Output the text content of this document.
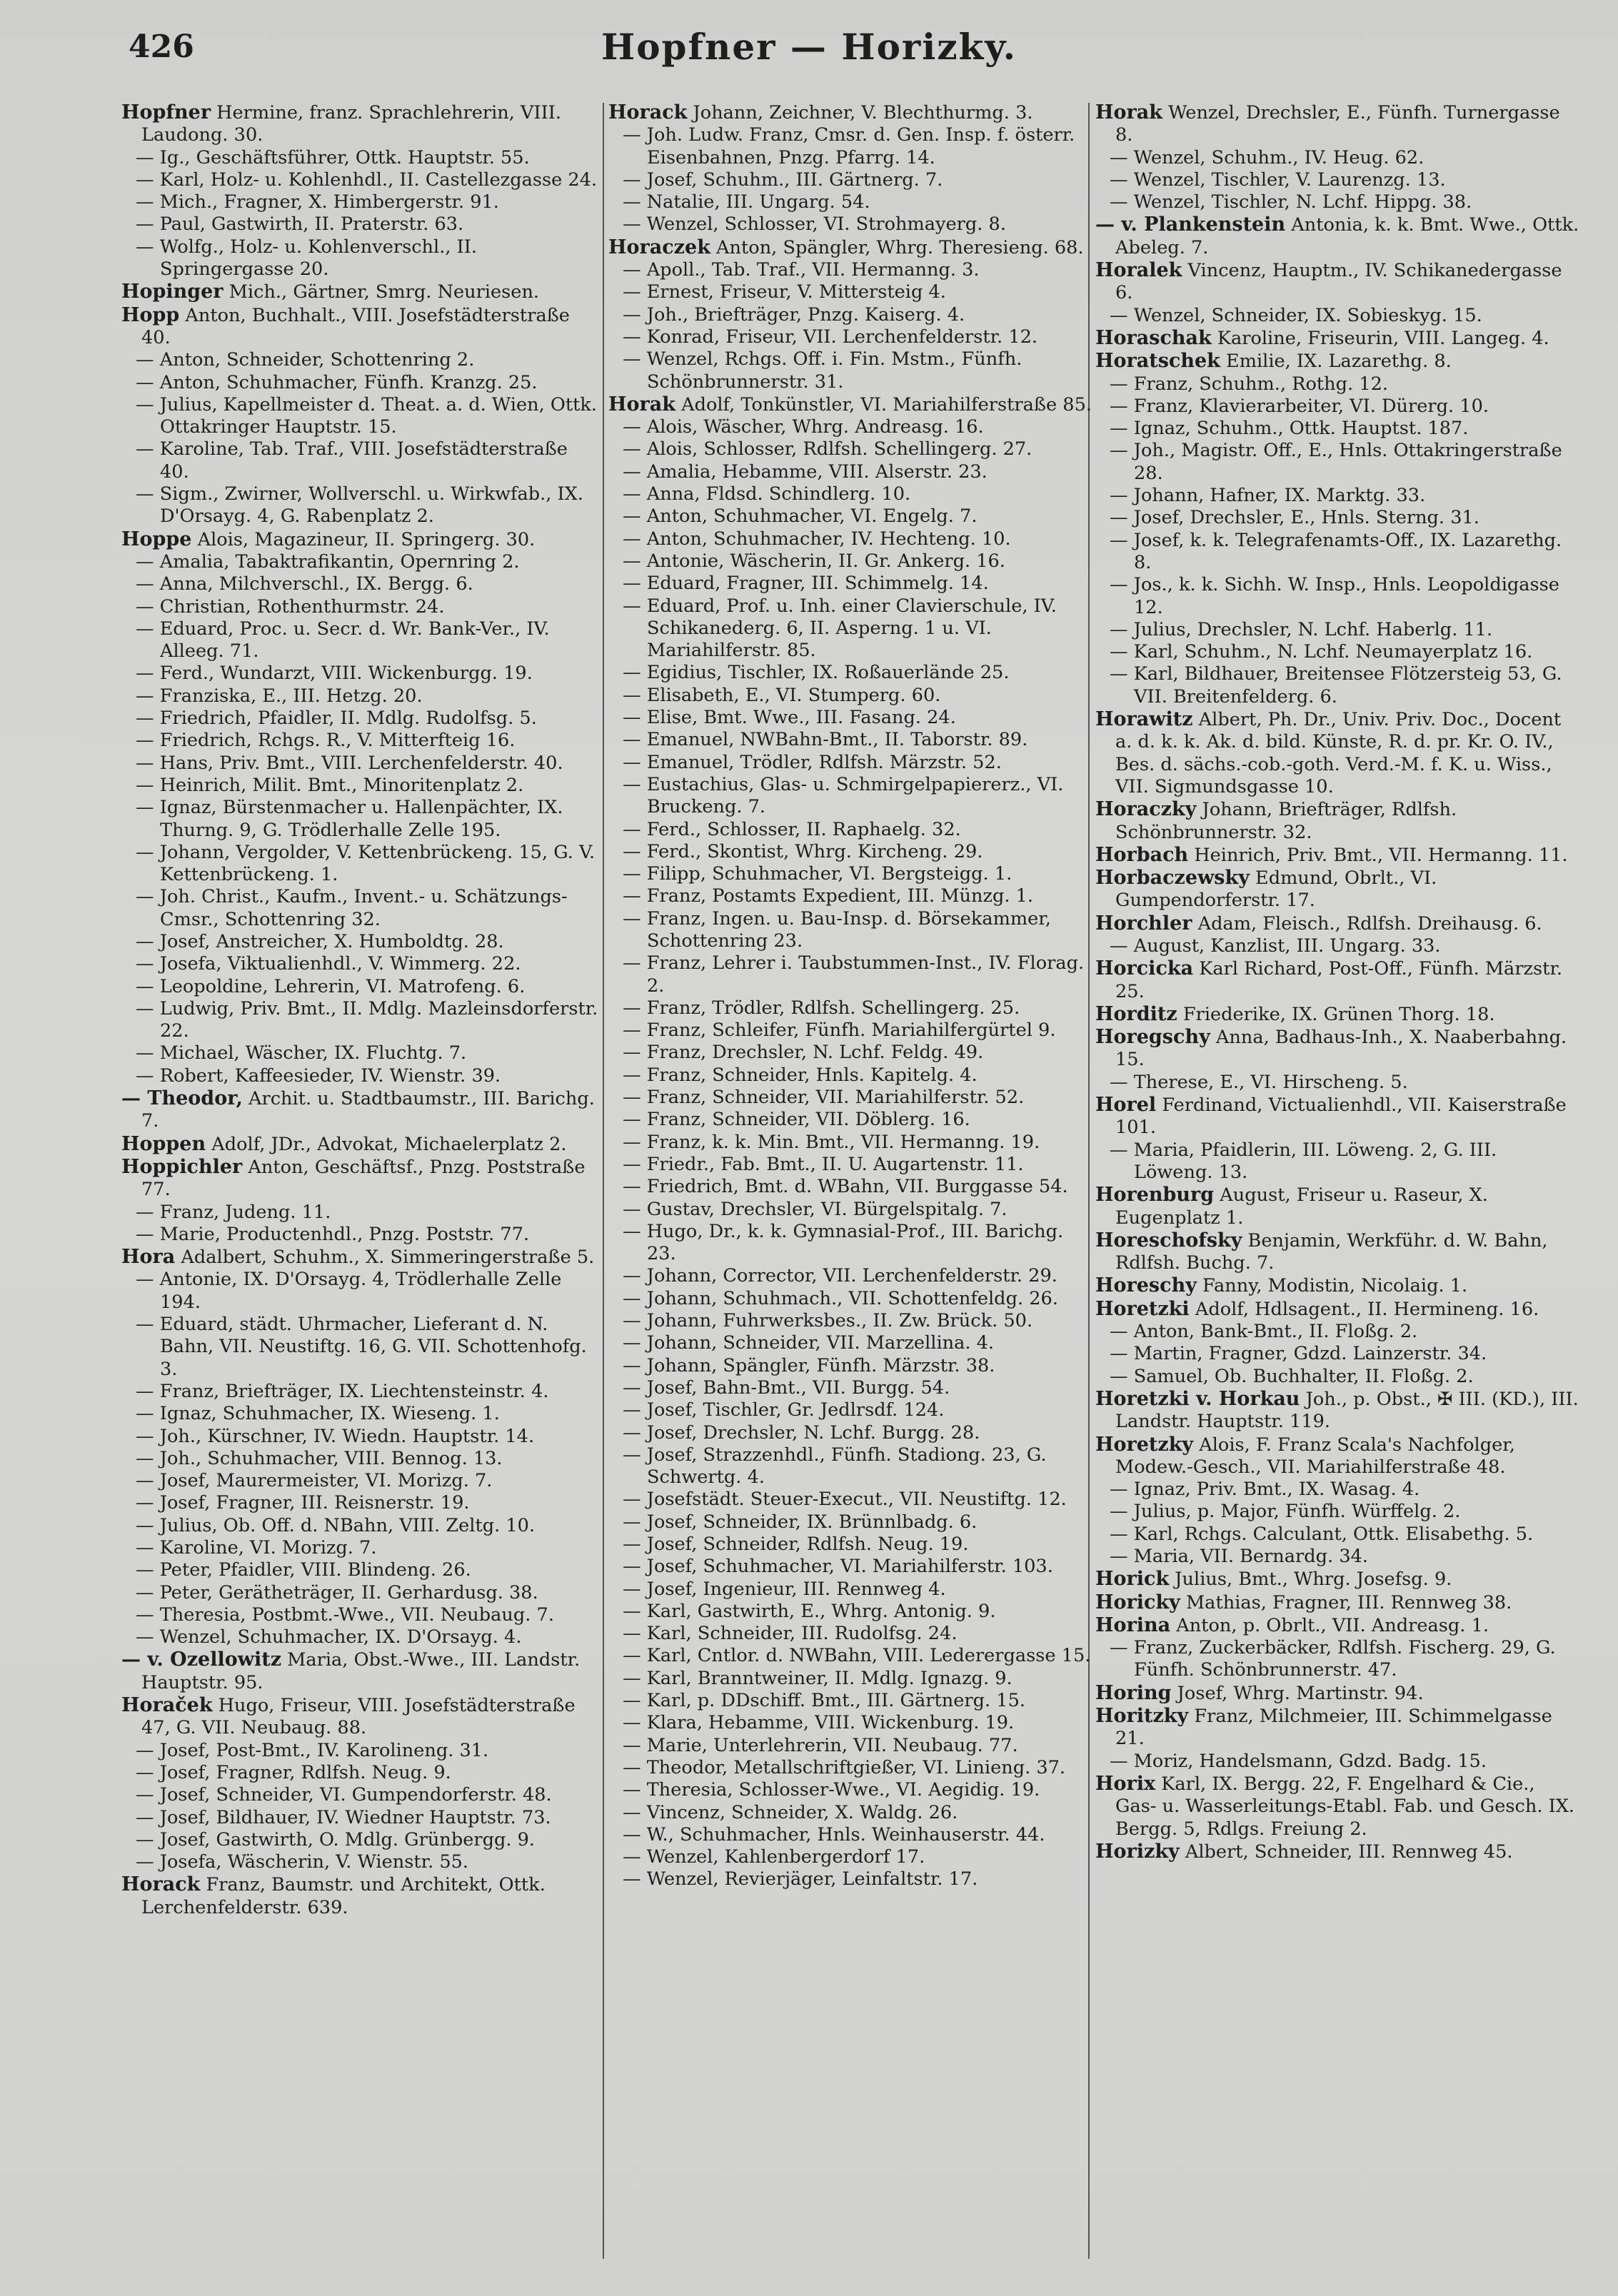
426	Hopfner — Horizky.
Hopfner Hermine, franz. Sprachlehrerin, VIII. Laudong. 30.
— Ig., Geschäftsführer, Ottk. Hauptstr. 55.
— Karl, Holz- u. Kohlenhdl., II. Castellezgasse 24.
— Mich., Fragner, X. Himbergerstr. 91.
— Paul, Gastwirth, II. Praterstr. 63.
— Wolfg., Holz- u. Kohlenverschl., II. Springergasse 20.
Hopinger Mich., Gärtner, Smrg. Neuriesen.
Hopp Anton, Buchhalt., VIII. Josefstädterstraße 40.
— Anton, Schneider, Schottenring 2.
— Anton, Schuhmacher, Fünfh. Kranzg. 25.
— Julius, Kapellmeister d. Theat. a. d. Wien, Ottk. Ottakringer Hauptstr. 15.
— Karoline, Tab. Traf., VIII. Josefstädterstraße 40.
— Sigm., Zwirner, Wollverschl. u. Wirkwfab., IX. D'Orsayg. 4, G. Rabenplatz 2.
Hoppe Alois, Magazineur, II. Springerg. 30.
— Amalia, Tabaktrafikantin, Opernring 2.
— Anna, Milchverschl., IX. Bergg. 6.
— Christian, Rothenthurmstr. 24.
— Eduard, Proc. u. Secr. d. Wr. Bank-Ver., IV. Alleeg. 71.
— Ferd., Wundarzt, VIII. Wickenburgg. 19.
— Franziska, E., III. Hetzg. 20.
— Friedrich, Pfaidler, II. Mdlg. Rudolfsg. 5.
— Friedrich, Rchgs. R., V. Mitterfteig 16.
— Hans, Priv. Bmt., VIII. Lerchenfelderstr. 40.
— Heinrich, Milit. Bmt., Minoritenplatz 2.
— Ignaz, Bürstenmacher u. Hallenpächter, IX. Thurng. 9, G. Trödlerhalle Zelle 195.
— Johann, Vergolder, V. Kettenbrückeng. 15, G. V. Kettenbrückeng. 1.
— Joh. Christ., Kaufm., Invent.- u. Schätzungs-Cmsr., Schottenring 32.
— Josef, Anstreicher, X. Humboldtg. 28.
— Josefa, Viktualienhdl., V. Wimmerg. 22.
— Leopoldine, Lehrerin, VI. Matrofeng. 6.
— Ludwig, Priv. Bmt., II. Mdlg. Mazleinsdorferstr. 22.
— Michael, Wäscher, IX. Fluchtg. 7.
— Robert, Kaffeesieder, IV. Wienstr. 39.
— Theodor, Archit. u. Stadtbaumstr., III. Barichg. 7.
Hoppen Adolf, JDr., Advokat, Michaelerplatz 2.
Hoppichler Anton, Geschäftsf., Pnzg. Poststraße 77.
— Franz, Judeng. 11.
— Marie, Productenhdl., Pnzg. Poststr. 77.
Hora Adalbert, Schuhm., X. Simmeringerstraße 5.
— Antonie, IX. D'Orsayg. 4, Trödlerhalle Zelle 194.
— Eduard, städt. Uhrmacher, Lieferant d. N. Bahn, VII. Neustiftg. 16, G. VII. Schottenhofg. 3.
— Franz, Briefträger, IX. Liechtensteinstr. 4.
— Ignaz, Schuhmacher, IX. Wieseng. 1.
— Joh., Kürschner, IV. Wiedn. Hauptstr. 14.
— Joh., Schuhmacher, VIII. Bennog. 13.
— Josef, Maurermeister, VI. Morizg. 7.
— Josef, Fragner, III. Reisnerstr. 19.
— Julius, Ob. Off. d. NBahn, VIII. Zeltg. 10.
— Karoline, VI. Morizg. 7.
— Peter, Pfaidler, VIII. Blindeng. 26.
— Peter, Gerätheträger, II. Gerhardusg. 38.
— Theresia, Postbmt.-Wwe., VII. Neubaug. 7.
— Wenzel, Schuhmacher, IX. D'Orsayg. 4.
— v. Ozellowitz Maria, Obst.-Wwe., III. Landstr. Hauptstr. 95.
Horaček Hugo, Friseur, VIII. Josefstädterstraße 47, G. VII. Neubaug. 88.
— Josef, Post-Bmt., IV. Karolineng. 31.
— Josef, Fragner, Rdlfsh. Neug. 9.
— Josef, Schneider, VI. Gumpendorferstr. 48.
— Josef, Bildhauer, IV. Wiedner Hauptstr. 73.
— Josef, Gastwirth, O. Mdlg. Grünbergg. 9.
— Josefa, Wäscherin, V. Wienstr. 55.
Horack Franz, Baumstr. und Architekt, Ottk. Lerchenfelderstr. 639.
Horack Johann, Zeichner, V. Blechthurmg. 3.
— Joh. Ludw. Franz, Cmsr. d. Gen. Insp. f. österr. Eisenbahnen, Pnzg. Pfarrg. 14.
— Josef, Schuhm., III. Gärtnerg. 7.
— Natalie, III. Ungarg. 54.
— Wenzel, Schlosser, VI. Strohmayerg. 8.
Horaczek Anton, Spängler, Whrg. Theresieng. 68.
— Apoll., Tab. Traf., VII. Hermanng. 3.
— Ernest, Friseur, V. Mittersteig 4.
— Joh., Briefträger, Pnzg. Kaiserg. 4.
— Konrad, Friseur, VII. Lerchenfelderstr. 12.
— Wenzel, Rchgs. Off. i. Fin. Mstm., Fünfh. Schönbrunnerstr. 31.
Horak Adolf, Tonkünstler, VI. Mariahilferstraße 85.
— Alois, Wäscher, Whrg. Andreasg. 16.
— Alois, Schlosser, Rdlfsh. Schellingerg. 27.
— Amalia, Hebamme, VIII. Alserstr. 23.
— Anna, Fldsd. Schindlerg. 10.
— Anton, Schuhmacher, VI. Engelg. 7.
— Anton, Schuhmacher, IV. Hechteng. 10.
— Antonie, Wäscherin, II. Gr. Ankerg. 16.
— Eduard, Fragner, III. Schimmelg. 14.
— Eduard, Prof. u. Inh. einer Clavierschule, IV. Schikanederg. 6, II. Asperng. 1 u. VI. Mariahilferstr. 85.
— Egidius, Tischler, IX. Roßauerlände 25.
— Elisabeth, E., VI. Stumperg. 60.
— Elise, Bmt. Wwe., III. Fasang. 24.
— Emanuel, NWBahn-Bmt., II. Taborstr. 89.
— Emanuel, Trödler, Rdlfsh. Märzstr. 52.
— Eustachius, Glas- u. Schmirgelpapiererz., VI. Bruckeng. 7.
— Ferd., Schlosser, II. Raphaelg. 32.
— Ferd., Skontist, Whrg. Kircheng. 29.
— Filipp, Schuhmacher, VI. Bergsteigg. 1.
— Franz, Postamts Expedient, III. Münzg. 1.
— Franz, Ingen. u. Bau-Insp. d. Börsekammer, Schottenring 23.
— Franz, Lehrer i. Taubstummen-Inst., IV. Florag. 2.
— Franz, Trödler, Rdlfsh. Schellingerg. 25.
— Franz, Schleifer, Fünfh. Mariahilfergürtel 9.
— Franz, Drechsler, N. Lchf. Feldg. 49.
— Franz, Schneider, Hnls. Kapitelg. 4.
— Franz, Schneider, VII. Mariahilferstr. 52.
— Franz, Schneider, VII. Döblerg. 16.
— Franz, k. k. Min. Bmt., VII. Hermanng. 19.
— Friedr., Fab. Bmt., II. U. Augartenstr. 11.
— Friedrich, Bmt. d. WBahn, VII. Burggasse 54.
— Gustav, Drechsler, VI. Bürgelspitalg. 7.
— Hugo, Dr., k. k. Gymnasial-Prof., III. Barichg. 23.
— Johann, Corrector, VII. Lerchenfelderstr. 29.
— Johann, Schuhmach., VII. Schottenfeldg. 26.
— Johann, Fuhrwerksbes., II. Zw. Brück. 50.
— Johann, Schneider, VII. Marzellina. 4.
— Johann, Spängler, Fünfh. Märzstr. 38.
— Josef, Bahn-Bmt., VII. Burgg. 54.
— Josef, Tischler, Gr. Jedlrsdf. 124.
— Josef, Drechsler, N. Lchf. Burgg. 28.
— Josef, Strazzenhdl., Fünfh. Stadiong. 23, G. Schwertg. 4.
— Josefstädt. Steuer-Execut., VII. Neustiftg. 12.
— Josef, Schneider, IX. Brünnlbadg. 6.
— Josef, Schneider, Rdlfsh. Neug. 19.
— Josef, Schuhmacher, VI. Mariahilferstr. 103.
— Josef, Ingenieur, III. Rennweg 4.
— Karl, Gastwirth, E., Whrg. Antonig. 9.
— Karl, Schneider, III. Rudolfsg. 24.
— Karl, Cntlor. d. NWBahn, VIII. Lederergasse 15.
— Karl, Branntweiner, II. Mdlg. Ignazg. 9.
— Karl, p. DDschiff. Bmt., III. Gärtnerg. 15.
— Klara, Hebamme, VIII. Wickenburg. 19.
— Marie, Unterlehrerin, VII. Neubaug. 77.
— Theodor, Metallschriftgießer, VI. Linieng. 37.
— Theresia, Schlosser-Wwe., VI. Aegidig. 19.
— Vincenz, Schneider, X. Waldg. 26.
— W., Schuhmacher, Hnls. Weinhauserstr. 44.
— Wenzel, Kahlenbergerdorf 17.
— Wenzel, Revierjäger, Leinfaltstr. 17.
Horak Wenzel, Drechsler, E., Fünfh. Turnergasse 8.
— Wenzel, Schuhm., IV. Heug. 62.
— Wenzel, Tischler, V. Laurenzg. 13.
— Wenzel, Tischler, N. Lchf. Hippg. 38.
— v. Plankenstein Antonia, k. k. Bmt. Wwe., Ottk. Abeleg. 7.
Horalek Vincenz, Hauptm., IV. Schikanedergasse 6.
— Wenzel, Schneider, IX. Sobieskyg. 15.
Horaschak Karoline, Friseurin, VIII. Langeg. 4.
Horatschek Emilie, IX. Lazarethg. 8.
— Franz, Schuhm., Rothg. 12.
— Franz, Klavierarbeiter, VI. Dürerg. 10.
— Ignaz, Schuhm., Ottk. Hauptst. 187.
— Joh., Magistr. Off., E., Hnls. Ottakringerstraße 28.
— Johann, Hafner, IX. Marktg. 33.
— Josef, Drechsler, E., Hnls. Sterng. 31.
— Josef, k. k. Telegrafenamts-Off., IX. Lazarethg. 8.
— Jos., k. k. Sichh. W. Insp., Hnls. Leopoldigasse 12.
— Julius, Drechsler, N. Lchf. Haberlg. 11.
— Karl, Schuhm., N. Lchf. Neumayerplatz 16.
— Karl, Bildhauer, Breitensee Flötzersteig 53, G. VII. Breitenfelderg. 6.
Horawitz Albert, Ph. Dr., Univ. Priv. Doc., Docent a. d. k. k. Ak. d. bild. Künste, R. d. pr. Kr. O. IV., Bes. d. sächs.-cob.-goth. Verd.-M. f. K. u. Wiss., VII. Sigmundsgasse 10.
Horaczky Johann, Briefträger, Rdlfsh. Schönbrunnerstr. 32.
Horbach Heinrich, Priv. Bmt., VII. Hermanng. 11.
Horbaczewsky Edmund, Obrlt., VI. Gumpendorferstr. 17.
Horchler Adam, Fleisch., Rdlfsh. Dreihausg. 6.
— August, Kanzlist, III. Ungarg. 33.
Horcicka Karl Richard, Post-Off., Fünfh. Märzstr. 25.
Horditz Friederike, IX. Grünen Thorg. 18.
Horegschy Anna, Badhaus-Inh., X. Naaberbahng. 15.
— Therese, E., VI. Hirscheng. 5.
Horel Ferdinand, Victualienhdl., VII. Kaiserstraße 101.
— Maria, Pfaidlerin, III. Löweng. 2, G. III. Löweng. 13.
Horenburg August, Friseur u. Raseur, X. Eugenplatz 1.
Horeschofsky Benjamin, Werkführ. d. W. Bahn, Rdlfsh. Buchg. 7.
Horeschy Fanny, Modistin, Nicolaig. 1.
Horetzki Adolf, Hdlsagent., II. Hermineng. 16.
— Anton, Bank-Bmt., II. Floßg. 2.
— Martin, Fragner, Gdzd. Lainzerstr. 34.
— Samuel, Ob. Buchhalter, II. Floßg. 2.
Horetzki v. Horkau Joh., p. Obst., ✠ III. (KD.), III. Landstr. Hauptstr. 119.
Horetzky Alois, F. Franz Scala's Nachfolger, Modew.-Gesch., VII. Mariahilferstraße 48.
— Ignaz, Priv. Bmt., IX. Wasag. 4.
— Julius, p. Major, Fünfh. Würffelg. 2.
— Karl, Rchgs. Calculant, Ottk. Elisabethg. 5.
— Maria, VII. Bernardg. 34.
Horick Julius, Bmt., Whrg. Josefsg. 9.
Horicky Mathias, Fragner, III. Rennweg 38.
Horina Anton, p. Obrlt., VII. Andreasg. 1.
— Franz, Zuckerbäcker, Rdlfsh. Fischerg. 29, G. Fünfh. Schönbrunnerstr. 47.
Horing Josef, Whrg. Martinstr. 94.
Horitzky Franz, Milchmeier, III. Schimmelgasse 21.
— Moriz, Handelsmann, Gdzd. Badg. 15.
Horix Karl, IX. Bergg. 22, F. Engelhard & Cie., Gas- u. Wasserleitungs-Etabl. Fab. und Gesch. IX. Bergg. 5, Rdlgs. Freiung 2.
Horizky Albert, Schneider, III. Rennweg 45.
